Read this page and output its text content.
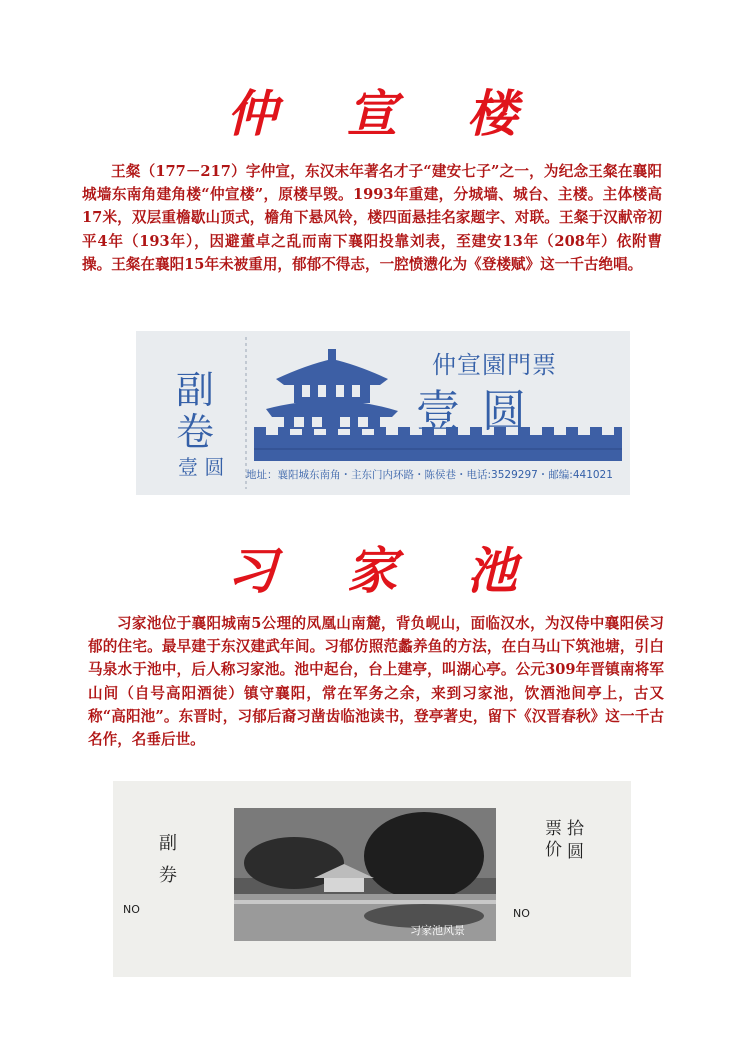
仲 宣 楼

王粲（177－217）字仲宣，东汉末年著名才子“建安七子”之一，为纪念王粲在襄阳城墙东南角建角楼“仲宣楼”，原楼早毁。1993年重建，分城墙、城台、主楼。主体楼高17米，双层重檐歇山顶式，檐角下悬风铃，楼四面悬挂名家题字、对联。王粲于汉献帝初平4年（193年），因避董卓之乱而南下襄阳投靠刘表，至建安13年（208年）依附曹操。王粲在襄阳15年未被重用，郁郁不得志，一腔愤懑化为《登楼赋》这一千古绝唱。

副
卷
壹 圆
仲宣園門票
壹 圆
地址：襄阳城东南角・主东门内环路・陈侯巷・电话:3529297・邮编:441021
习 家 池

习家池位于襄阳城南5公理的凤凰山南麓，背负岘山，面临汉水，为汉侍中襄阳侯习郁的住宅。最早建于东汉建武年间。习郁仿照范蠡养鱼的方法，在白马山下筑池塘，引白马泉水于池中，后人称习家池。池中起台，台上建亭，叫湖心亭。公元309年晋镇南将军山间（自号高阳酒徒）镇守襄阳，常在军务之余，来到习家池，饮酒池间亭上，古又称“高阳池”。东晋时，习郁后裔习凿齿临池读书，登亭著史，留下《汉晋春秋》这一千古名作，名垂后世。

副券
NO
习家池风景
NO
票价 拾圆
